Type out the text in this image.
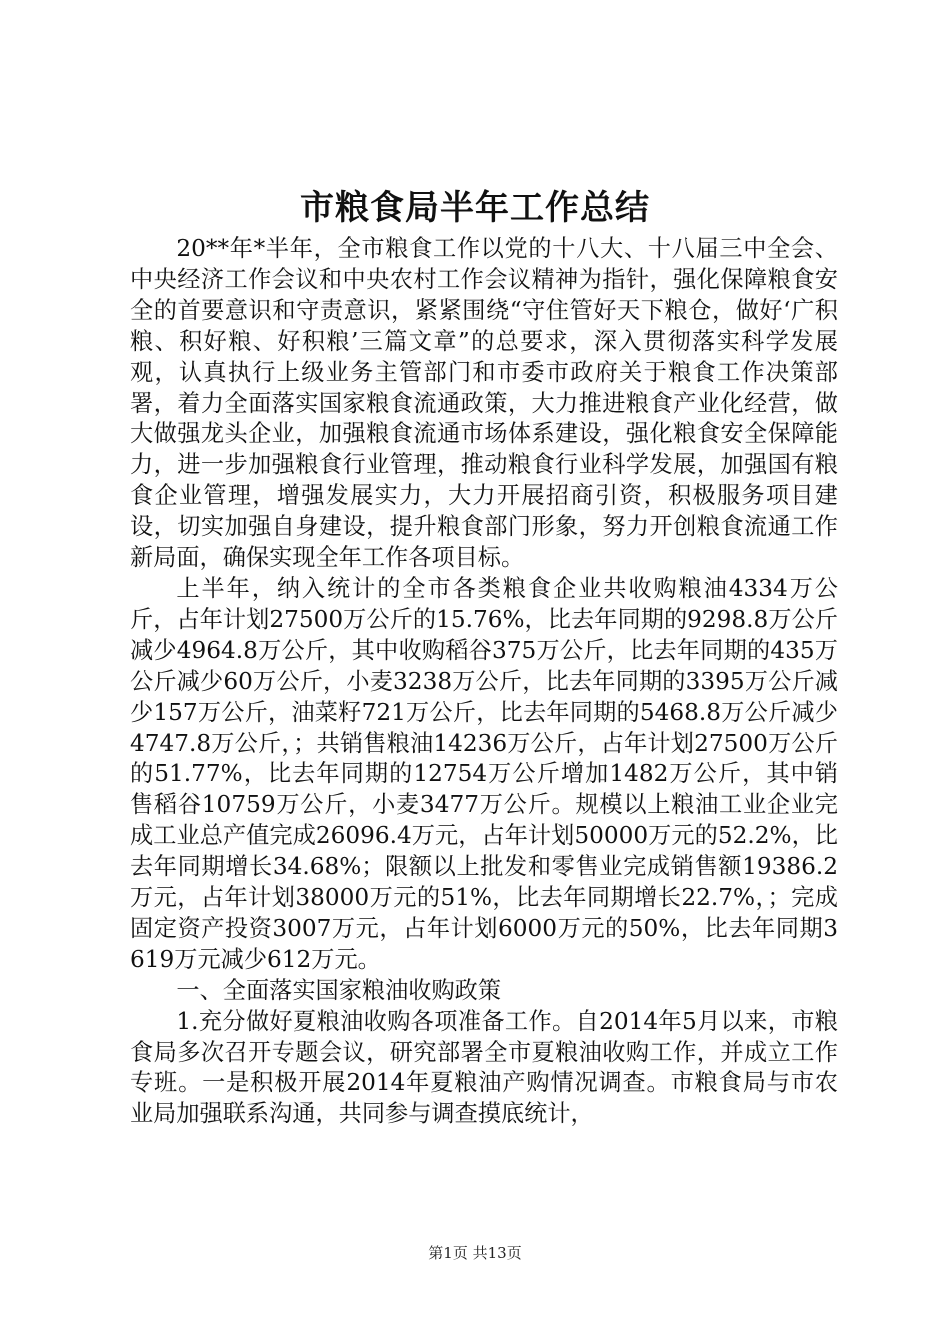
市粮食局半年工作总结

20**年*半年，全市粮食工作以党的十八大、十八届三中全会、中央经济工作会议和中央农村工作会议精神为指针，强化保障粮食安全的首要意识和守责意识，紧紧围绕“守住管好天下粮仓，做好‘广积粮、积好粮、好积粮’三篇文章”的总要求，深入贯彻落实科学发展观，认真执行上级业务主管部门和市委市政府关于粮食工作决策部署，着力全面落实国家粮食流通政策，大力推进粮食产业化经营，做大做强龙头企业，加强粮食流通市场体系建设，强化粮食安全保障能力，进一步加强粮食行业管理，推动粮食行业科学发展，加强国有粮食企业管理，增强发展实力，大力开展招商引资，积极服务项目建设，切实加强自身建设，提升粮食部门形象，努力开创粮食流通工作新局面，确保实现全年工作各项目标。

上半年，纳入统计的全市各类粮食企业共收购粮油4334万公斤，占年计划27500万公斤的15.76%，比去年同期的9298.8万公斤减少4964.8万公斤，其中收购稻谷375万公斤，比去年同期的435万公斤减少60万公斤，小麦3238万公斤，比去年同期的3395万公斤减少157万公斤，油菜籽721万公斤，比去年同期的5468.8万公斤减少4747.8万公斤，；共销售粮油14236万公斤，占年计划27500万公斤的51.77%，比去年同期的12754万公斤增加1482万公斤，其中销售稻谷10759万公斤，小麦3477万公斤。规模以上粮油工业企业完成工业总产值完成26096.4万元，占年计划50000万元的52.2%，比去年同期增长34.68%；限额以上批发和零售业完成销售额19386.2万元，占年计划38000万元的51%，比去年同期增长22.7%，；完成固定资产投资3007万元，占年计划6000万元的50%，比去年同期3619万元减少612万元。

一、全面落实国家粮油收购政策

1.充分做好夏粮油收购各项准备工作。自2014年5月以来，市粮食局多次召开专题会议，研究部署全市夏粮油收购工作，并成立工作专班。一是积极开展2014年夏粮油产购情况调查。市粮食局与市农业局加强联系沟通，共同参与调查摸底统计，

第1页 共13页
